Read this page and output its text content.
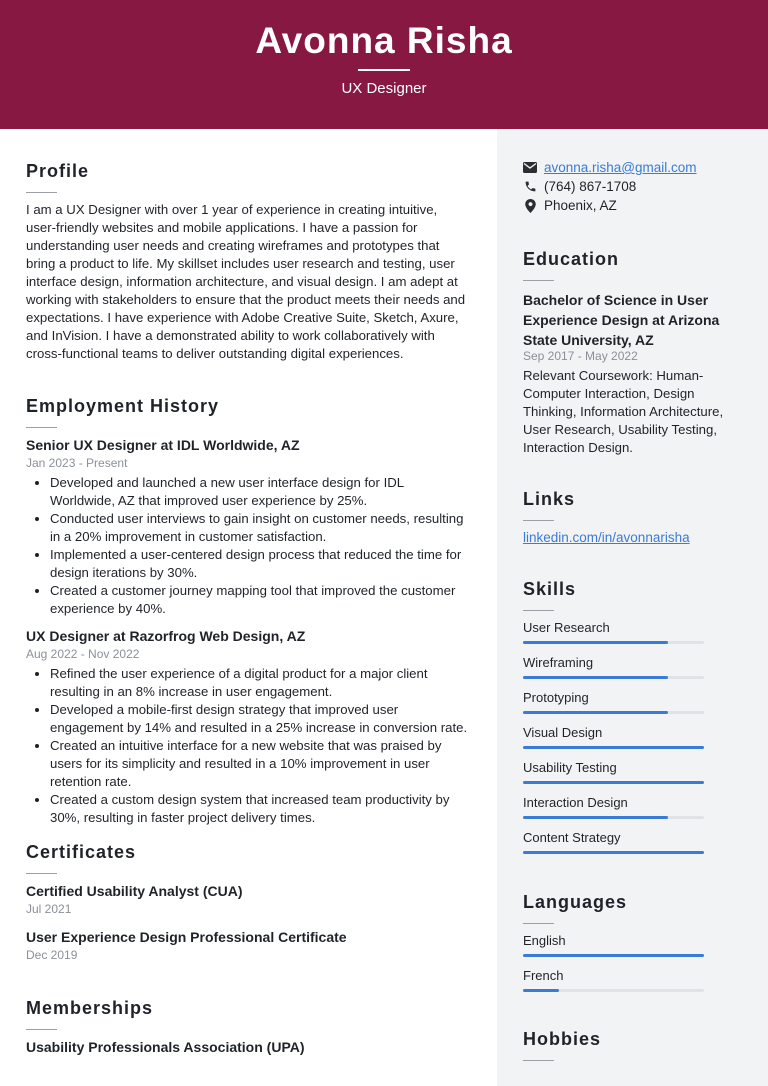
Avonna Risha
UX Designer
Profile
I am a UX Designer with over 1 year of experience in creating intuitive, user-friendly websites and mobile applications. I have a passion for understanding user needs and creating wireframes and prototypes that bring a product to life. My skillset includes user research and testing, user interface design, information architecture, and visual design. I am adept at working with stakeholders to ensure that the product meets their needs and expectations. I have experience with Adobe Creative Suite, Sketch, Axure, and InVision. I have a demonstrated ability to work collaboratively with cross-functional teams to deliver outstanding digital experiences.
Employment History
Senior UX Designer at IDL Worldwide, AZ
Jan 2023 - Present
• Developed and launched a new user interface design for IDL Worldwide, AZ that improved user experience by 25%.
• Conducted user interviews to gain insight on customer needs, resulting in a 20% improvement in customer satisfaction.
• Implemented a user-centered design process that reduced the time for design iterations by 30%.
• Created a customer journey mapping tool that improved the customer experience by 40%.
UX Designer at Razorfrog Web Design, AZ
Aug 2022 - Nov 2022
• Refined the user experience of a digital product for a major client resulting in an 8% increase in user engagement.
• Developed a mobile-first design strategy that improved user engagement by 14% and resulted in a 25% increase in conversion rate.
• Created an intuitive interface for a new website that was praised by users for its simplicity and resulted in a 10% improvement in user retention rate.
• Created a custom design system that increased team productivity by 30%, resulting in faster project delivery times.
Certificates
Certified Usability Analyst (CUA)
Jul 2021
User Experience Design Professional Certificate
Dec 2019
Memberships
Usability Professionals Association (UPA)
avonna.risha@gmail.com
(764) 867-1708
Phoenix, AZ
Education
Bachelor of Science in User Experience Design at Arizona State University, AZ
Sep 2017 - May 2022
Relevant Coursework: Human-Computer Interaction, Design Thinking, Information Architecture, User Research, Usability Testing, Interaction Design.
Links
linkedin.com/in/avonnarisha
Skills
User Research
Wireframing
Prototyping
Visual Design
Usability Testing
Interaction Design
Content Strategy
Languages
English
French
Hobbies
